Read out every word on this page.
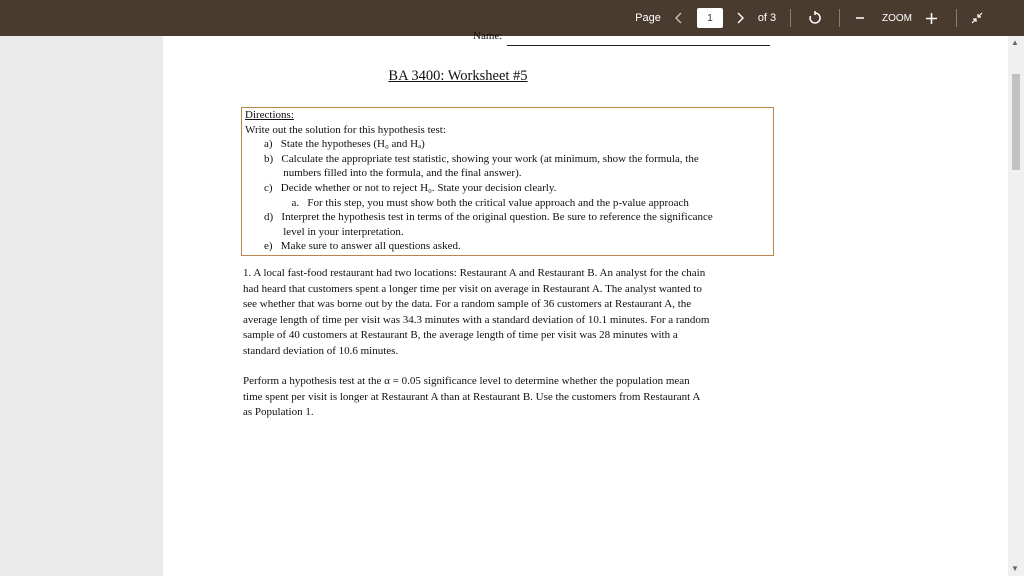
Page	1	of 3	ZOOM
Name:
BA 3400: Worksheet #5
Directions:
Write out the solution for this hypothesis test:
a)   State the hypotheses (H₀ and Hₐ)
b)   Calculate the appropriate test statistic, showing your work (at minimum, show the formula, the
numbers filled into the formula, and the final answer).
c)   Decide whether or not to reject H₀. State your decision clearly.
a.   For this step, you must show both the critical value approach and the p-value approach
d)   Interpret the hypothesis test in terms of the original question. Be sure to reference the significance
level in your interpretation.
e)   Make sure to answer all questions asked.
1. A local fast-food restaurant had two locations: Restaurant A and Restaurant B. An analyst for the chain
had heard that customers spent a longer time per visit on average in Restaurant A. The analyst wanted to
see whether that was borne out by the data. For a random sample of 36 customers at Restaurant A, the
average length of time per visit was 34.3 minutes with a standard deviation of 10.1 minutes. For a random
sample of 40 customers at Restaurant B, the average length of time per visit was 28 minutes with a
standard deviation of 10.6 minutes.
Perform a hypothesis test at the α = 0.05 significance level to determine whether the population mean
time spent per visit is longer at Restaurant A than at Restaurant B. Use the customers from Restaurant A
as Population 1.
▲
▼
